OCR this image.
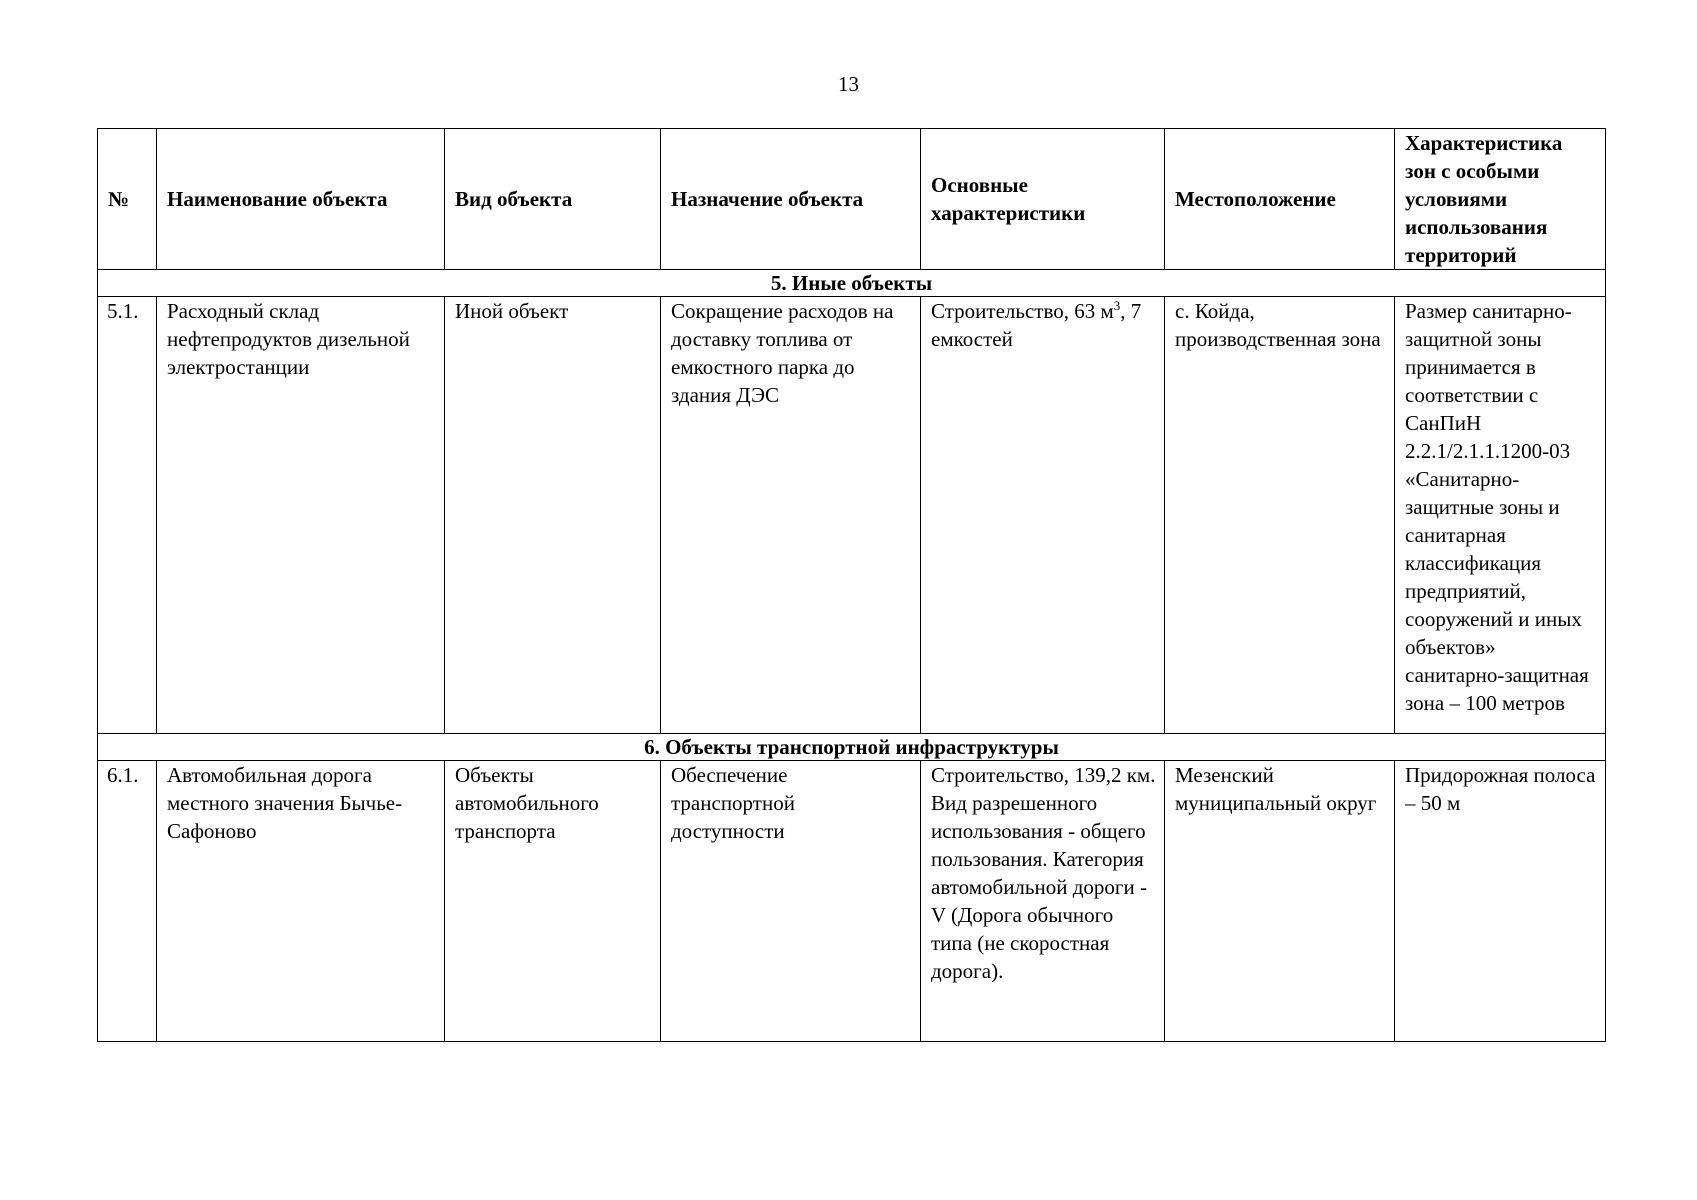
13
№	Наименование объекта	Вид объекта	Назначение объекта	Основные характеристики	Местоположение	Характеристика зон с особыми условиями использования территорий
5. Иные объекты						
5.1.	Расходный склад нефтепродуктов дизельной электростанции	Иной объект	Сокращение расходов на доставку топлива от емкостного парка до здания ДЭС	Строительство, 63 $м^3$, 7 емкостей	с. Койда, производственная зона	Размер санитарно-защитной зоны принимается в соответствии с СанПиН 2.2.1/2.1.1.1200-03 «Санитарно-защитные зоны и санитарная классификация предприятий, сооружений и иных объектов» санитарно-защитная зона – 100 метров
6. Объекты транспортной инфраструктуры						
6.1.	Автомобильная дорога местного значения Бычье-Сафоново	Объекты автомобильного транспорта	Обеспечение транспортной доступности	Строительство, 139,2 км. Вид разрешенного использования - общего пользования. Категория автомобильной дороги - V (Дорога обычного типа (не скоростная дорога).	Мезенский муниципальный округ	Придорожная полоса – 50 м
